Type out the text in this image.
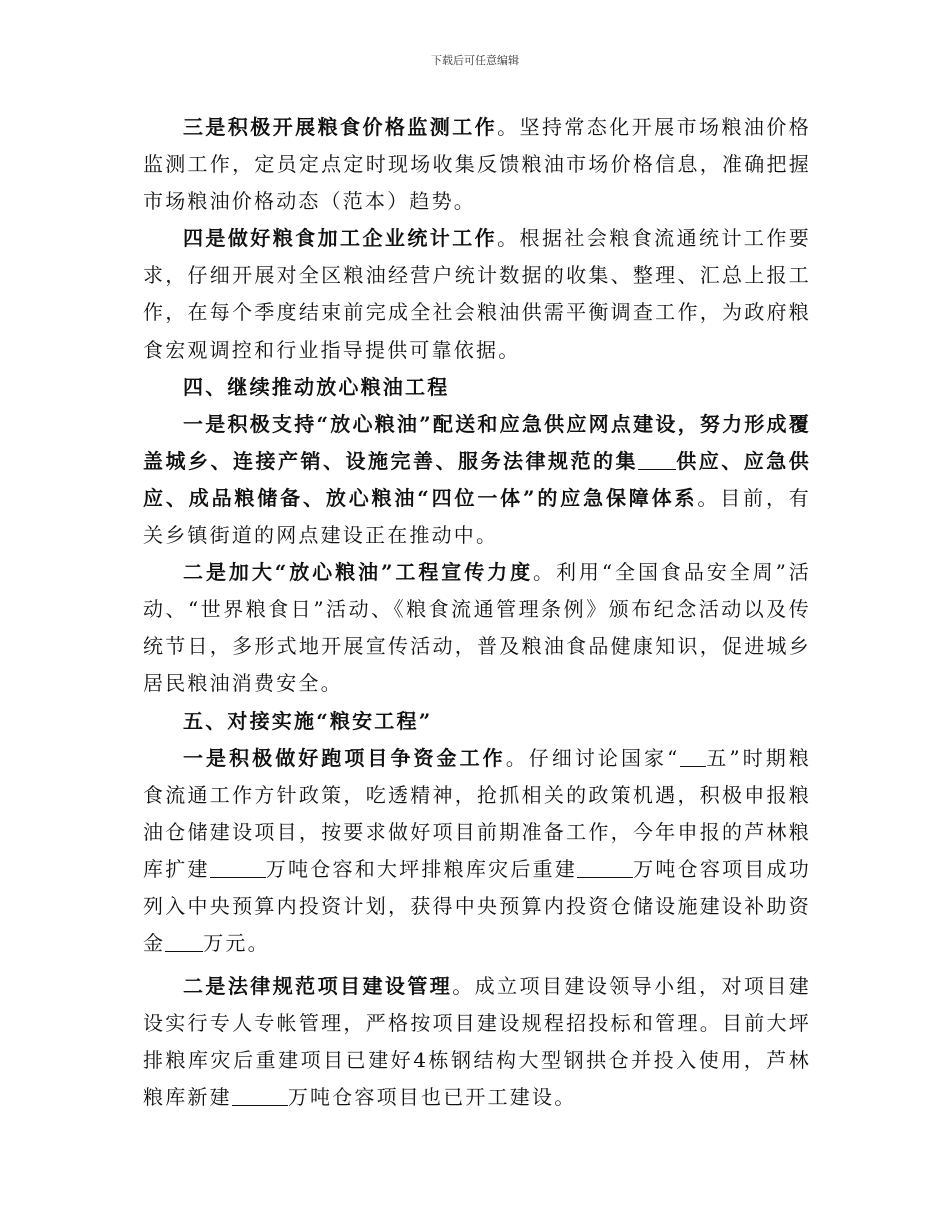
下载后可任意编辑

三是积极开展粮食价格监测工作。坚持常态化开展市场粮油价格监测工作，定员定点定时现场收集反馈粮油市场价格信息，准确把握市场粮油价格动态（范本）趋势。

四是做好粮食加工企业统计工作。根据社会粮食流通统计工作要求，仔细开展对全区粮油经营户统计数据的收集、整理、汇总上报工作，在每个季度结束前完成全社会粮油供需平衡调查工作，为政府粮食宏观调控和行业指导提供可靠依据。

四、继续推动放心粮油工程

一是积极支持“放心粮油”配送和应急供应网点建设，努力形成覆盖城乡、连接产销、设施完善、服务法律规范的集 供应、应急供应、成品粮储备、放心粮油“四位一体”的应急保障体系。目前，有关乡镇街道的网点建设正在推动中。

二是加大“放心粮油”工程宣传力度。利用“全国食品安全周”活动、“世界粮食日”活动、《粮食流通管理条例》颁布纪念活动以及传统节日，多形式地开展宣传活动，普及粮油食品健康知识，促进城乡居民粮油消费安全。

五、对接实施“粮安工程”

一是积极做好跑项目争资金工作。仔细讨论国家“ 五”时期粮食流通工作方针政策，吃透精神，抢抓相关的政策机遇，积极申报粮油仓储建设项目，按要求做好项目前期准备工作，今年申报的芦林粮库扩建	万吨仓容和大坪排粮库灾后重建	万吨仓容项目成功列入中央预算内投资计划，获得中央预算内投资仓储设施建设补助资金 万元。

二是法律规范项目建设管理。成立项目建设领导小组，对项目建设实行专人专帐管理，严格按项目建设规程招投标和管理。目前大坪排粮库灾后重建项目已建好4栋钢结构大型钢拱仓并投入使用，芦林粮库新建	万吨仓容项目也已开工建设。
